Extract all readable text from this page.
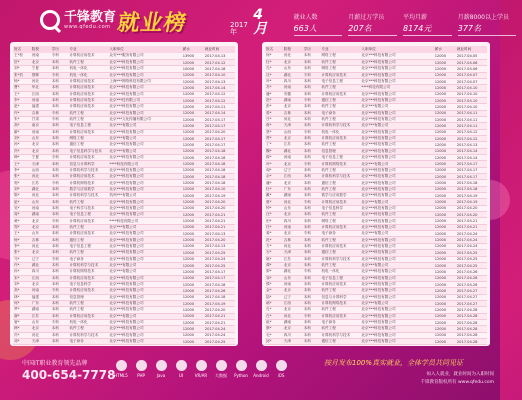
千锋教育
www.qfedu.com 就业榜	2017年
4月
就业人数
663人
月薪过万学员
207名
平均月薪
8174元
月薪8000以上学员
377名
姓名	院校	学历	专业	入职单位	薪水	就业时间
王*松	河南	专科	计算机应用技术	众安***服务有限公司	13900	2017.04.13
贺*	北京	本科	软件工程	北京***科技有限公司	12000	2017.04.12
刘*	宁夏	本科	机电一体化	北京***科技有限公司	10000	2017.04.18
张*贺	邯郸	专科	机电一体化	北京***科技有限公司	12000	2017.04.10
杨*	河北	本科	计算机应用技术	上海***网络科技有限公司	12000	2017.04.13
曹*	华北	本科	计算机应用技术	北京***科技有限公司	12000	2017.04.14
王*	江西	本科	计算机应用技术	北京***科技有限公司	12000	2017.04.12
李*	河南	本科	计算机应用技术	北京***技有限公司	12000	2017.04.12
赵*	福建	本科	计算机应用技术	北京***科技有限公司	12000	2017.04.11
许*	吉林	专科	软件工程	北京***科技有限公司	12000	2017.04.14
朱*	甘肃	专科	软件工程	北京***文化传播有限公司	12000	2017.04.17
高*	南京	本科	电子信息工程	北京***有限公司	12000	2017.04.17
翟*	河南	本科	计算机应用技术	北京***科技有限公司	12000	2017.04.20
刘*	山东	本科	网络工程	北京***有限公司	12000	2017.04.17
孙*	北京	本科	通信工程	北京***科技有限公司	12000	2017.04.17
冯*	北京	本科	电子信息科学与技术	北京***有限公司	12000	2017.04.18
韩*	宁夏	专科	计算机应用技术	北京***科技有限公司	12000	2017.04.18
王*	天津	本科	信息与计算科学	****科技有限公司	12000	2017.04.18
李*	山西	本科	计算机科学与技术	北京***科技有限公司	12000	2017.04.18
张*	河北	本科	计算机应用技术	北京***科技有限公司	12000	2017.04.18
郭*	江苏	专科	计算机网络技术	北京***科技有限公司	12000	2017.04.18
刘*	湖北	本科	数学与应用数学	北京***科技有限公司	12000	2017.04.10
陈*	河北	本科	计算机科学与技术	杭州***有限公司	12000	2017.04.19
赵*	山东	本科	软件工程	北京***科技有限公司	12000	2017.04.20
吴*	河南	本科	电子科学与技术	北京***科技有限公司	12000	2017.04.20
周*	湖南	本科	电子信息工程	北京***科技有限公司	12000	2017.04.21
黄*	北京	专科	计算机应用技术	****科技有限公司	12000	2017.04.21
郑*	北京	本科	软件工程	北京***有限公司	12000	2017.04.21
王*	山东	本科	计算机应用技术	北京***科技有限公司	12000	2017.04.13
杨*	吉林	本科	通信工程	北京***科技有限公司	12000	2017.04.20
李*	河北	本科	电子信息工程	北京***科技有限公司	12000	2017.04.13
张*	北京	本科	软件工程	北京***科技有限公司	12000	2017.04.25
马*	辽宁	专科	电子商务	北京***科技有限公司	12000	2017.04.24
许*	湖北	本科	计算机科学与技术	北京***有限公司	12000	2017.04.25
孙*	四川	本科	计算机网络技术	北京***有限公司	12000	2017.04.17
宋*	江西	本科	计算机应用技术	北京***科技有限公司	12000	2017.04.17
刘*	北京	本科	电子信息科学	北京***科技有限公司	12000	2017.04.18
高*	河南	专科	计算机应用技术	北京***科技有限公司	12000	2017.04.26
林*	福建	本科	信息管理	北京***科技有限公司	12000	2017.04.18
何*	广东	本科	软件工程	北京***科技有限公司	12000	2017.04.19
罗*	湖南	本科	软件工程	北京***科技有限公司	12000	2017.04.20
谢*	江苏	本科	计算机应用技术	北京***有限公司	12000	2017.04.21
唐*	山东	专科	机电一体化	北京***科技有限公司	12000	2017.04.21
韩*	北京	本科	软件工程	北京***科技有限公司	12000	2017.04.24
冯*	河北	本科	计算机科学与技术	北京***科技有限公司	12000	2017.04.24
邓*	天津	本科	电子商务	北京***科技有限公司	12000	2017.04.25
姓名	院校	学历	专业	入职单位	薪水	就业时间
何*	河北	本科	网络工程	北京***科技有限公司	12000	2017.04.05
杜*	北京	本科	软件工程	北京***科技有限公司	12000	2017.04.06
孔*	山东	本科	网络工程	北京***科技有限公司	12000	2017.04.06
沈*	湖北	专科	计算机应用技术	北京***科技有限公司	12000	2017.04.07
叶*	四川	本科	电子信息工程	北京***科技有限公司	12000	2017.04.07
苏*	河南	本科	软件工程	****科技有限公司	12000	2017.04.10
潘*	安徽	本科	计算机应用技术	北京***科技有限公司	12000	2017.04.10
范*	湖南	专科	通信工程	北京***科技有限公司	12000	2017.04.10
彭*	北京	本科	软件工程	北京***有限公司	12000	2017.04.10
曾*	吉林	本科	电子商务	北京***科技有限公司	12000	2017.04.11
吕*	河北	本科	软件工程	北京***科技有限公司	12000	2017.04.11
蒋*	天津	本科	计算机科学与技术	北京***有限公司	12000	2017.04.11
蔡*	山西	专科	机电一体化	北京***科技有限公司	12000	2017.04.12
贾*	北京	本科	计算机应用技术	北京***科技有限公司	12000	2017.04.12
丁*	江苏	本科	软件工程	北京***科技有限公司	12000	2017.04.13
魏*	湖北	本科	信息管理	北京***科技有限公司	12000	2017.04.14
薛*	河南	本科	电子信息工程	北京***科技有限公司	12000	2017.04.14
叶*	北京	专科	计算机网络技术	北京***有限公司	12000	2017.04.17
阎*	辽宁	本科	软件工程	北京***科技有限公司	12000	2017.04.17
余*	江西	本科	计算机科学与技术	北京***科技有限公司	12000	2017.04.17
潘*	北京	本科	通信工程	北京***科技有限公司	12000	2017.04.18
杜*	广东	本科	软件工程	北京***科技有限公司	12000	2017.04.18
戴*	湖南	本科	数学与应用数学	北京***科技有限公司	12000	2017.04.19
夏*	河北	专科	计算机应用技术	北京***有限公司	12000	2017.04.19
钟*	山东	本科	电子信息科学	北京***科技有限公司	12000	2017.04.20
汪*	北京	本科	软件工程	北京***科技有限公司	12000	2017.04.20
田*	四川	本科	网络工程	北京***科技有限公司	12000	2017.04.21
任*	河南	本科	计算机应用技术	北京***科技有限公司	12000	2017.04.21
姜*	北京	专科	电子商务	北京***有限公司	12000	2017.04.24
范*	吉林	本科	软件工程	北京***科技有限公司	12000	2017.04.24
方*	河北	本科	计算机应用技术	北京***科技有限公司	12000	2017.04.24
石*	天津	本科	通信工程	北京***科技有限公司	12000	2017.04.25
姚*	江苏	本科	计算机科学与技术	北京***科技有限公司	12000	2017.04.25
谭*	北京	本科	软件工程	北京***有限公司	12000	2017.04.25
廖*	湖北	专科	机电一体化	北京***科技有限公司	12000	2017.04.26
邹*	山东	本科	电子信息工程	北京***科技有限公司	12000	2017.04.26
熊*	河南	本科	计算机应用技术	北京***科技有限公司	12000	2017.04.26
金*	北京	本科	软件工程	北京***科技有限公司	12000	2017.04.27
陆*	辽宁	本科	信息与计算科学	北京***科技有限公司	12000	2017.04.27
郝*	江西	本科	计算机网络技术	北京***有限公司	12000	2017.04.27
孔*	北京	本科	软件工程	北京***科技有限公司	12000	2017.04.28
白*	河北	专科	计算机应用技术	北京***科技有限公司	12000	2017.04.28
崔*	湖南	本科	电子商务	北京***科技有限公司	12000	2017.04.28
康*	北京	本科	软件工程	北京***科技有限公司	12000	2017.04.28
毛*	四川	本科	计算机科学与技术	北京***科技有限公司	12000	2017.04.28
邱*	天津	本科	通信工程	北京***科技有限公司	12000	2017.04.28
中国IT职业教育领先品牌
400-654-7778
HTML5	PHP	Java	UI	VR/AR	大数据	Python	Android	iOS
按月发布100%真实就业，全体学员共同见证
如入人就业，就业时间为入职时间
千锋教育版权所有 www.qfedu.com
